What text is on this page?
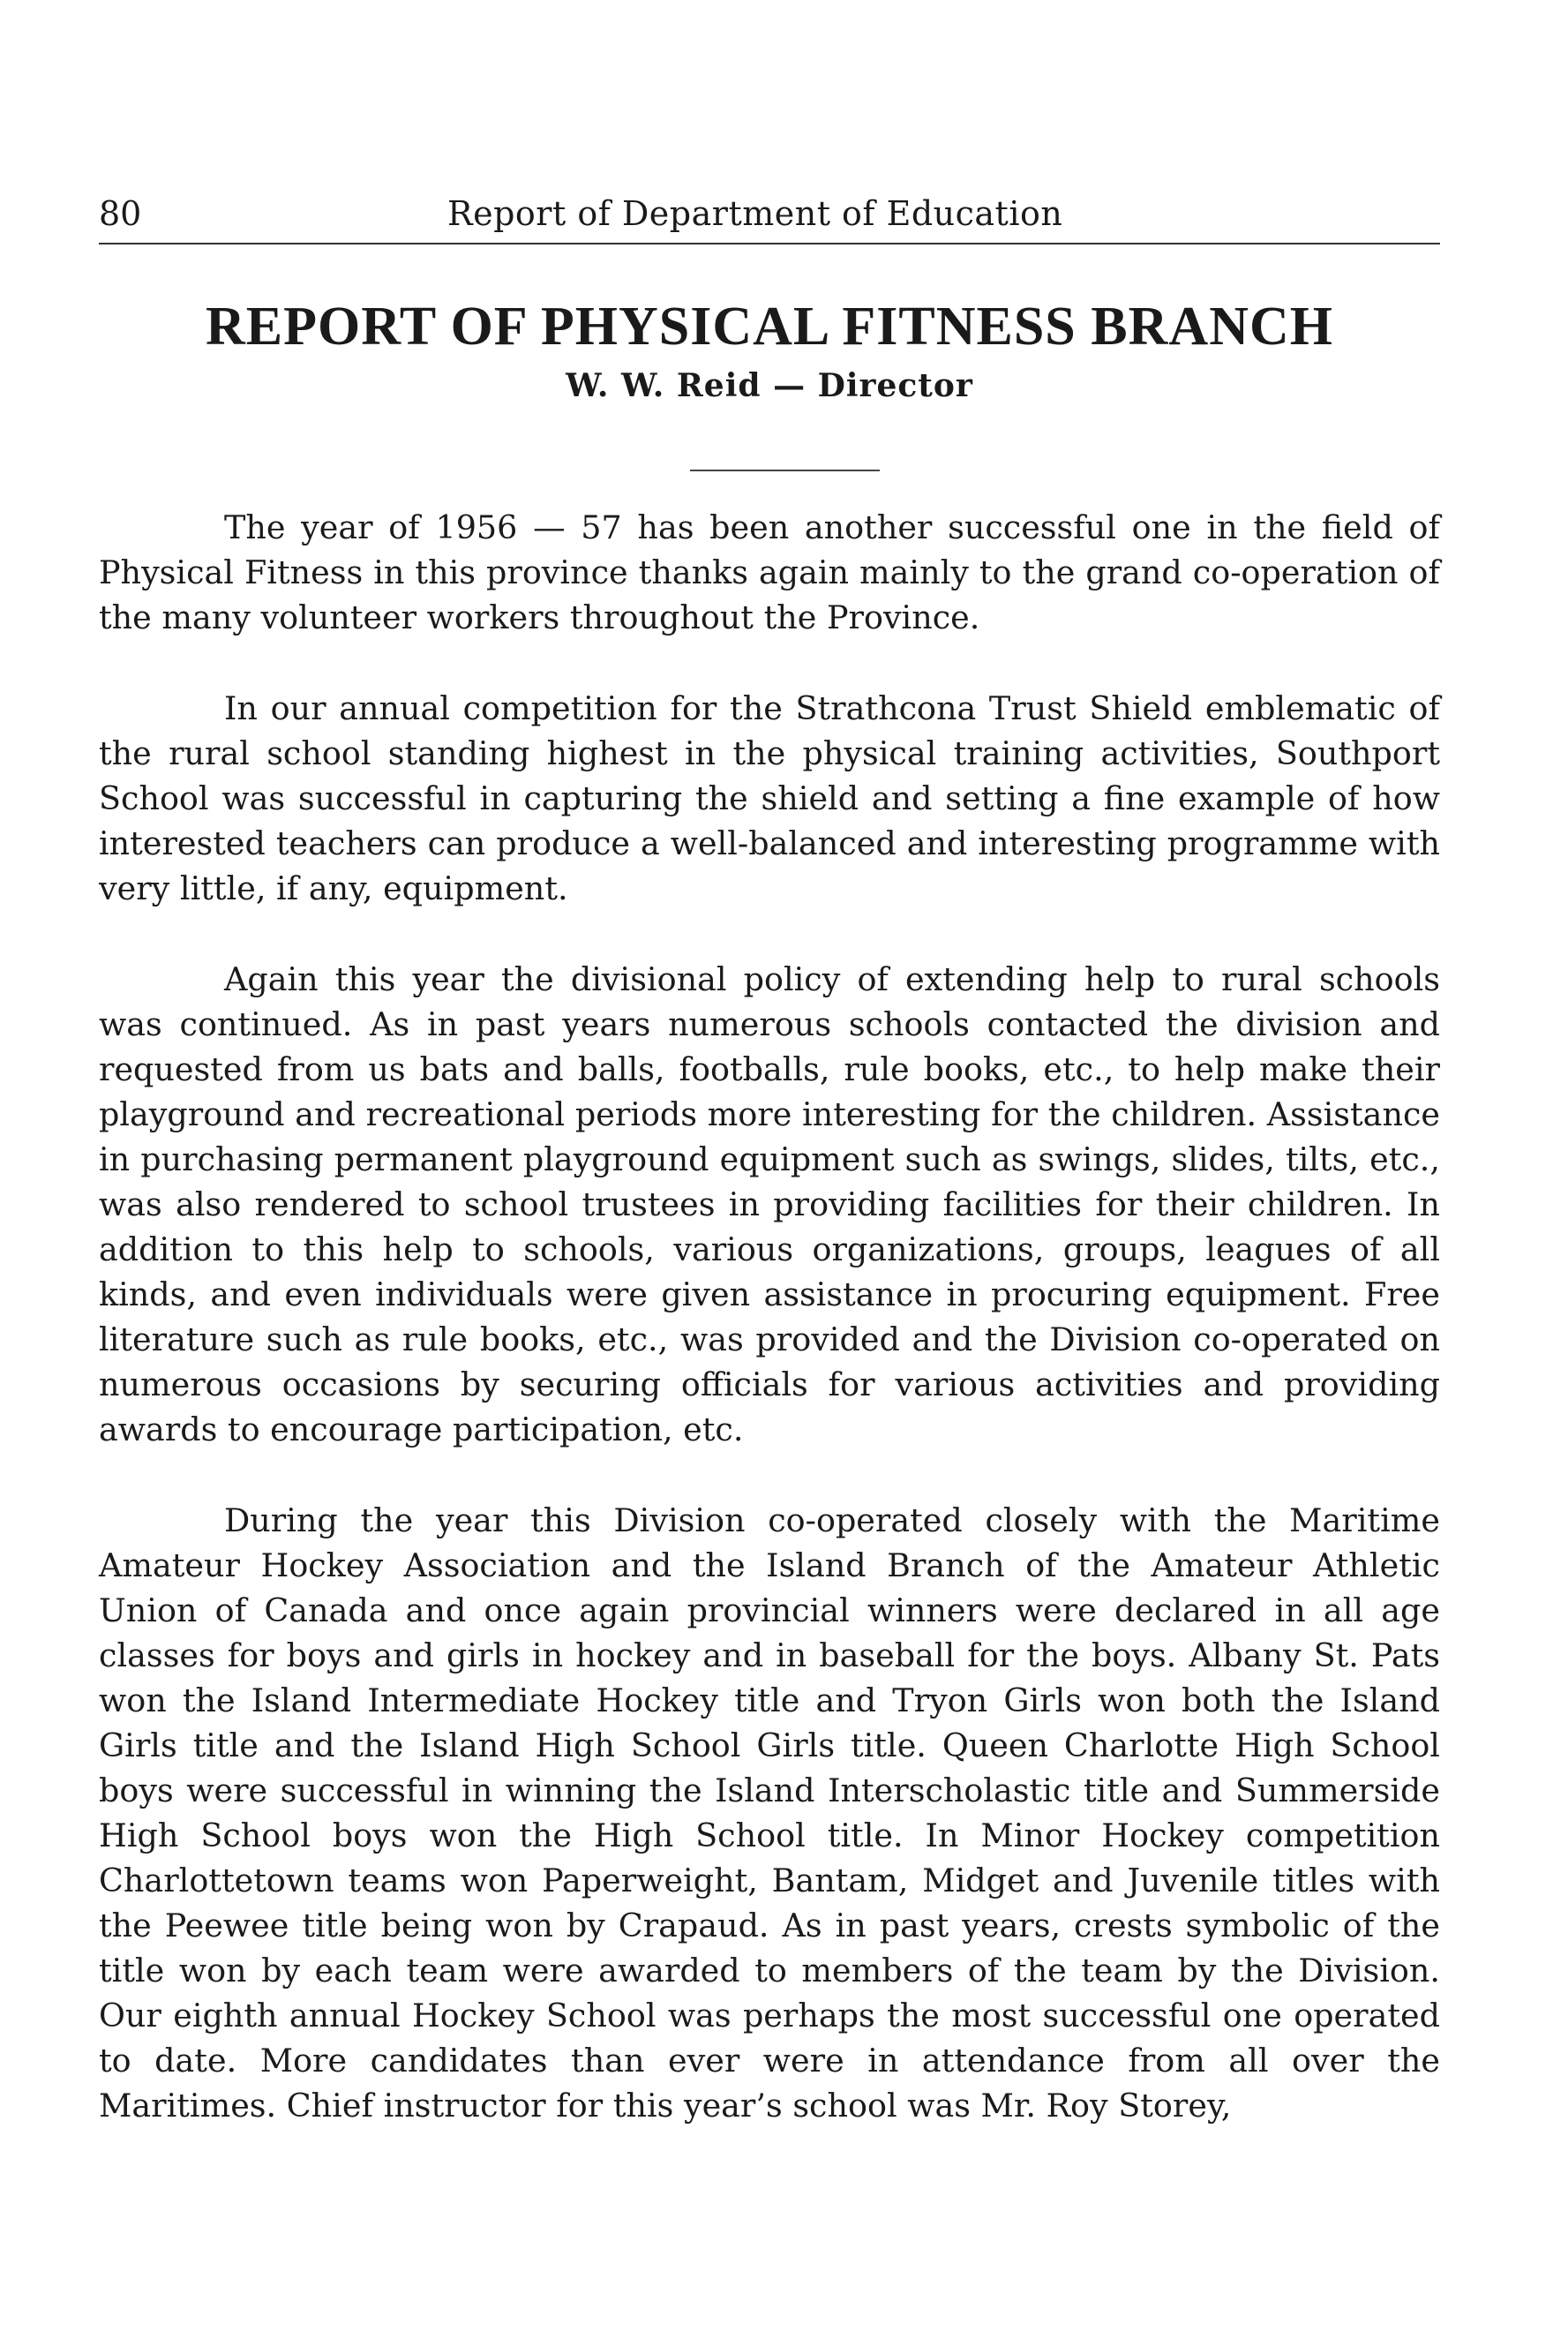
80	Report of Department of Education
REPORT OF PHYSICAL FITNESS BRANCH
W. W. Reid — Director

The year of 1956 — 57 has been another successful one in the field of Physical Fitness in this province thanks again mainly to the grand co-operation of the many volunteer workers throughout the Province.

In our annual competition for the Strathcona Trust Shield emblematic of the rural school standing highest in the physical training activities, Southport School was successful in capturing the shield and setting a fine example of how interested teachers can produce a well-balanced and interesting programme with very little, if any, equipment.

Again this year the divisional policy of extending help to rural schools was continued. As in past years numerous schools contacted the division and requested from us bats and balls, footballs, rule books, etc., to help make their playground and recreational periods more interesting for the children. Assistance in purchasing permanent playground equipment such as swings, slides, tilts, etc., was also rendered to school trustees in providing facilities for their children. In addition to this help to schools, various organizations, groups, leagues of all kinds, and even individuals were given assistance in procuring equipment. Free literature such as rule books, etc., was provided and the Division co-operated on numerous occasions by securing officials for various activities and providing awards to encourage participation, etc.

During the year this Division co-operated closely with the Maritime Amateur Hockey Association and the Island Branch of the Amateur Athletic Union of Canada and once again provincial winners were declared in all age classes for boys and girls in hockey and in baseball for the boys. Albany St. Pats won the Island Intermediate Hockey title and Tryon Girls won both the Island Girls title and the Island High School Girls title. Queen Charlotte High School boys were successful in winning the Island Interscholastic title and Summerside High School boys won the High School title. In Minor Hockey competition Charlottetown teams won Paperweight, Bantam, Midget and Juvenile titles with the Peewee title being won by Crapaud. As in past years, crests symbolic of the title won by each team were awarded to members of the team by the Division. Our eighth annual Hockey School was perhaps the most successful one operated to date. More candidates than ever were in attendance from all over the Maritimes. Chief instructor for this year’s school was Mr. Roy Storey,
